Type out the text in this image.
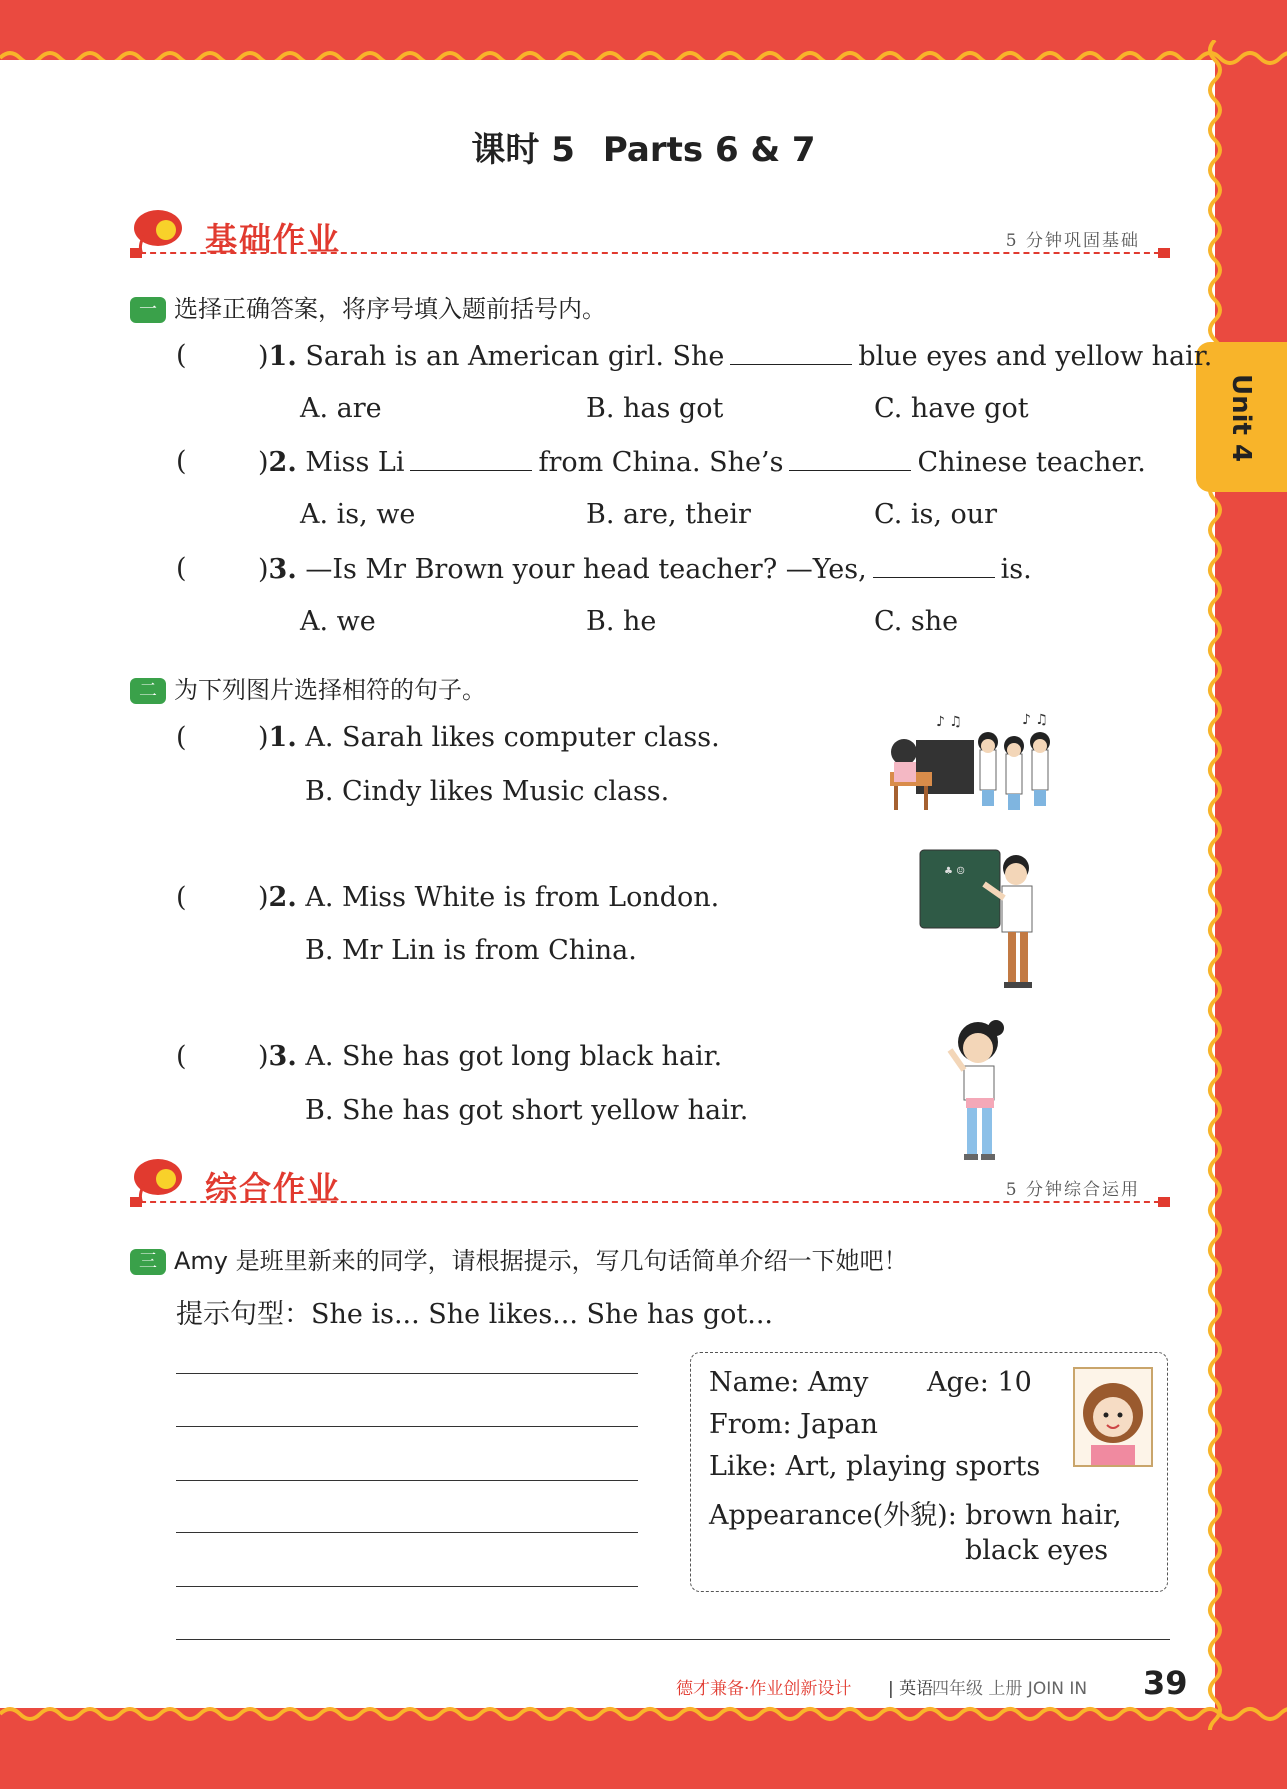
Unit 4
课时 5 Parts 6 & 7
基础作业	5 分钟巩固基础
一 选择正确答案，将序号填入题前括号内。
(	)1. Sarah is an American girl. She	blue eyes and yellow hair.
A. are	B. has got	C. have got
(	)2. Miss Li	from China. She’s	Chinese teacher.
A. is, we	B. are, their	C. is, our
(	)3. —Is Mr Brown your head teacher? —Yes,	is.
A. we	B. he	C. she
二 为下列图片选择相符的句子。
(	)1. A. Sarah likes computer class.
B. Cindy likes Music class.
(	)2. A. Miss White is from London.
B. Mr Lin is from China.
(	)3. A. She has got long black hair.
B. She has got short yellow hair.
♪ ♫	♪ ♫
♣ ☺
综合作业	5 分钟综合运用
三 Amy 是班里新来的同学，请根据提示，写几句话简单介绍一下她吧！
提示句型：She is... She likes... She has got...
Name: Amy Age: 10
From: Japan
Like: Art, playing sports
Appearance(外貌): brown hair,
black eyes
德才兼备·作业创新设计 | 英语
四年级 上册 JOIN IN 39
